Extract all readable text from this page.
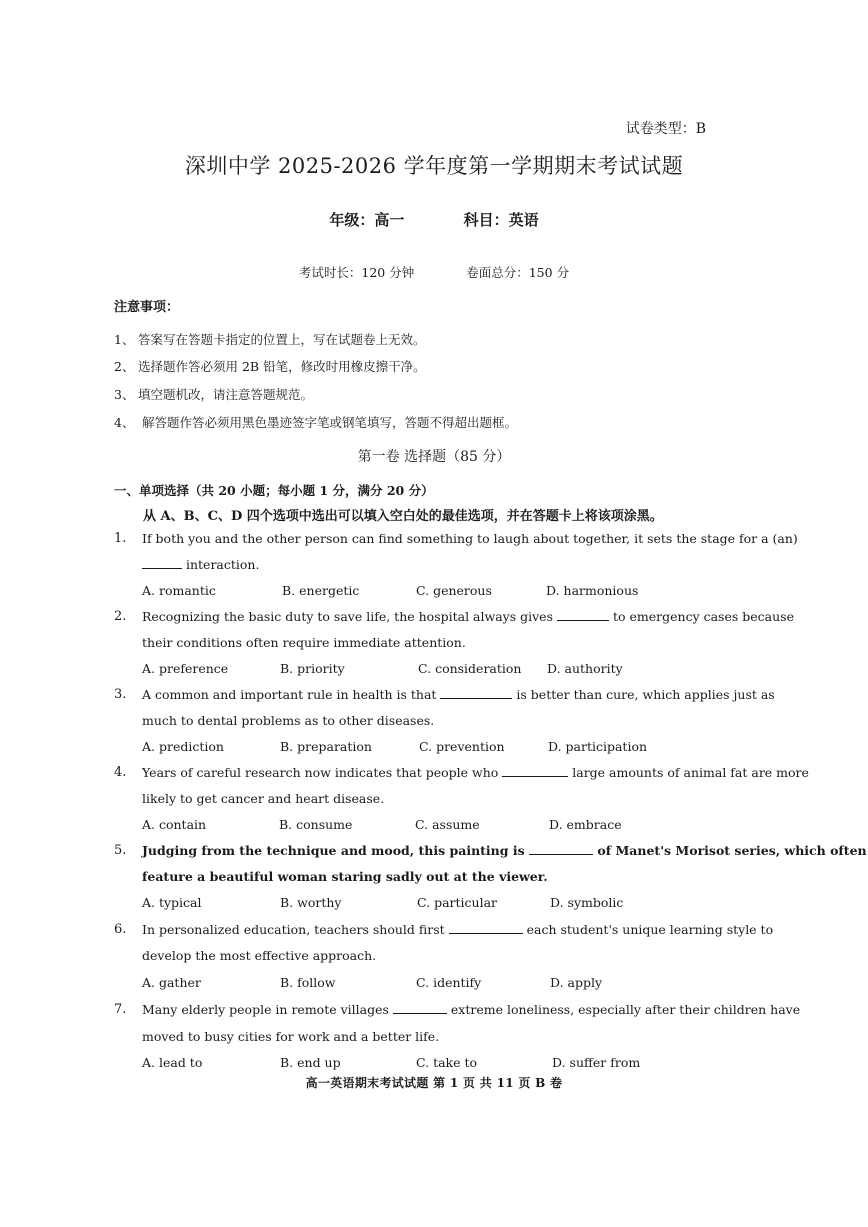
试卷类型：B
深圳中学 2025-2026 学年度第一学期期末考试试题
年级：高一	科目：英语
考试时长：120 分钟	卷面总分：150 分
注意事项：
1、 答案写在答题卡指定的位置上，写在试题卷上无效。
2、 选择题作答必须用 2B 铅笔，修改时用橡皮擦干净。
3、 填空题机改，请注意答题规范。
4、 解答题作答必须用黑色墨迹签字笔或钢笔填写，答题不得超出题框。
第一卷 选择题（85 分）
一、单项选择（共 20 小题；每小题 1 分，满分 20 分）
从 A、B、C、D 四个选项中选出可以填入空白处的最佳选项，并在答题卡上将该项涂黑。
1. If both you and the other person can find something to laugh about together, it sets the stage for a (an)
interaction.
A. romantic	B. energetic	C. generous	D. harmonious
2. Recognizing the basic duty to save life, the hospital always gives	to emergency cases because
their conditions often require immediate attention.
A. preference	B. priority	C. consideration D. authority
3. A common and important rule in health is that	is better than cure, which applies just as
much to dental problems as to other diseases.
A. prediction	B. preparation	C. prevention	D. participation
4. Years of careful research now indicates that people who	large amounts of animal fat are more
likely to get cancer and heart disease.
A. contain	B. consume	C. assume	D. embrace
5. Judging from the technique and mood, this painting is	of Manet's Morisot series, which often
feature a beautiful woman staring sadly out at the viewer.
A. typical	B. worthy	C. particular	D. symbolic
6. In personalized education, teachers should first	each student's unique learning style to
develop the most effective approach.
A. gather	B. follow	C. identify	D. apply
7. Many elderly people in remote villages	extreme loneliness, especially after their children have
moved to busy cities for work and a better life.
A. lead to	B. end up	C. take to	D. suffer from
高一英语期末考试试题 第 1 页 共 11 页 B 卷
